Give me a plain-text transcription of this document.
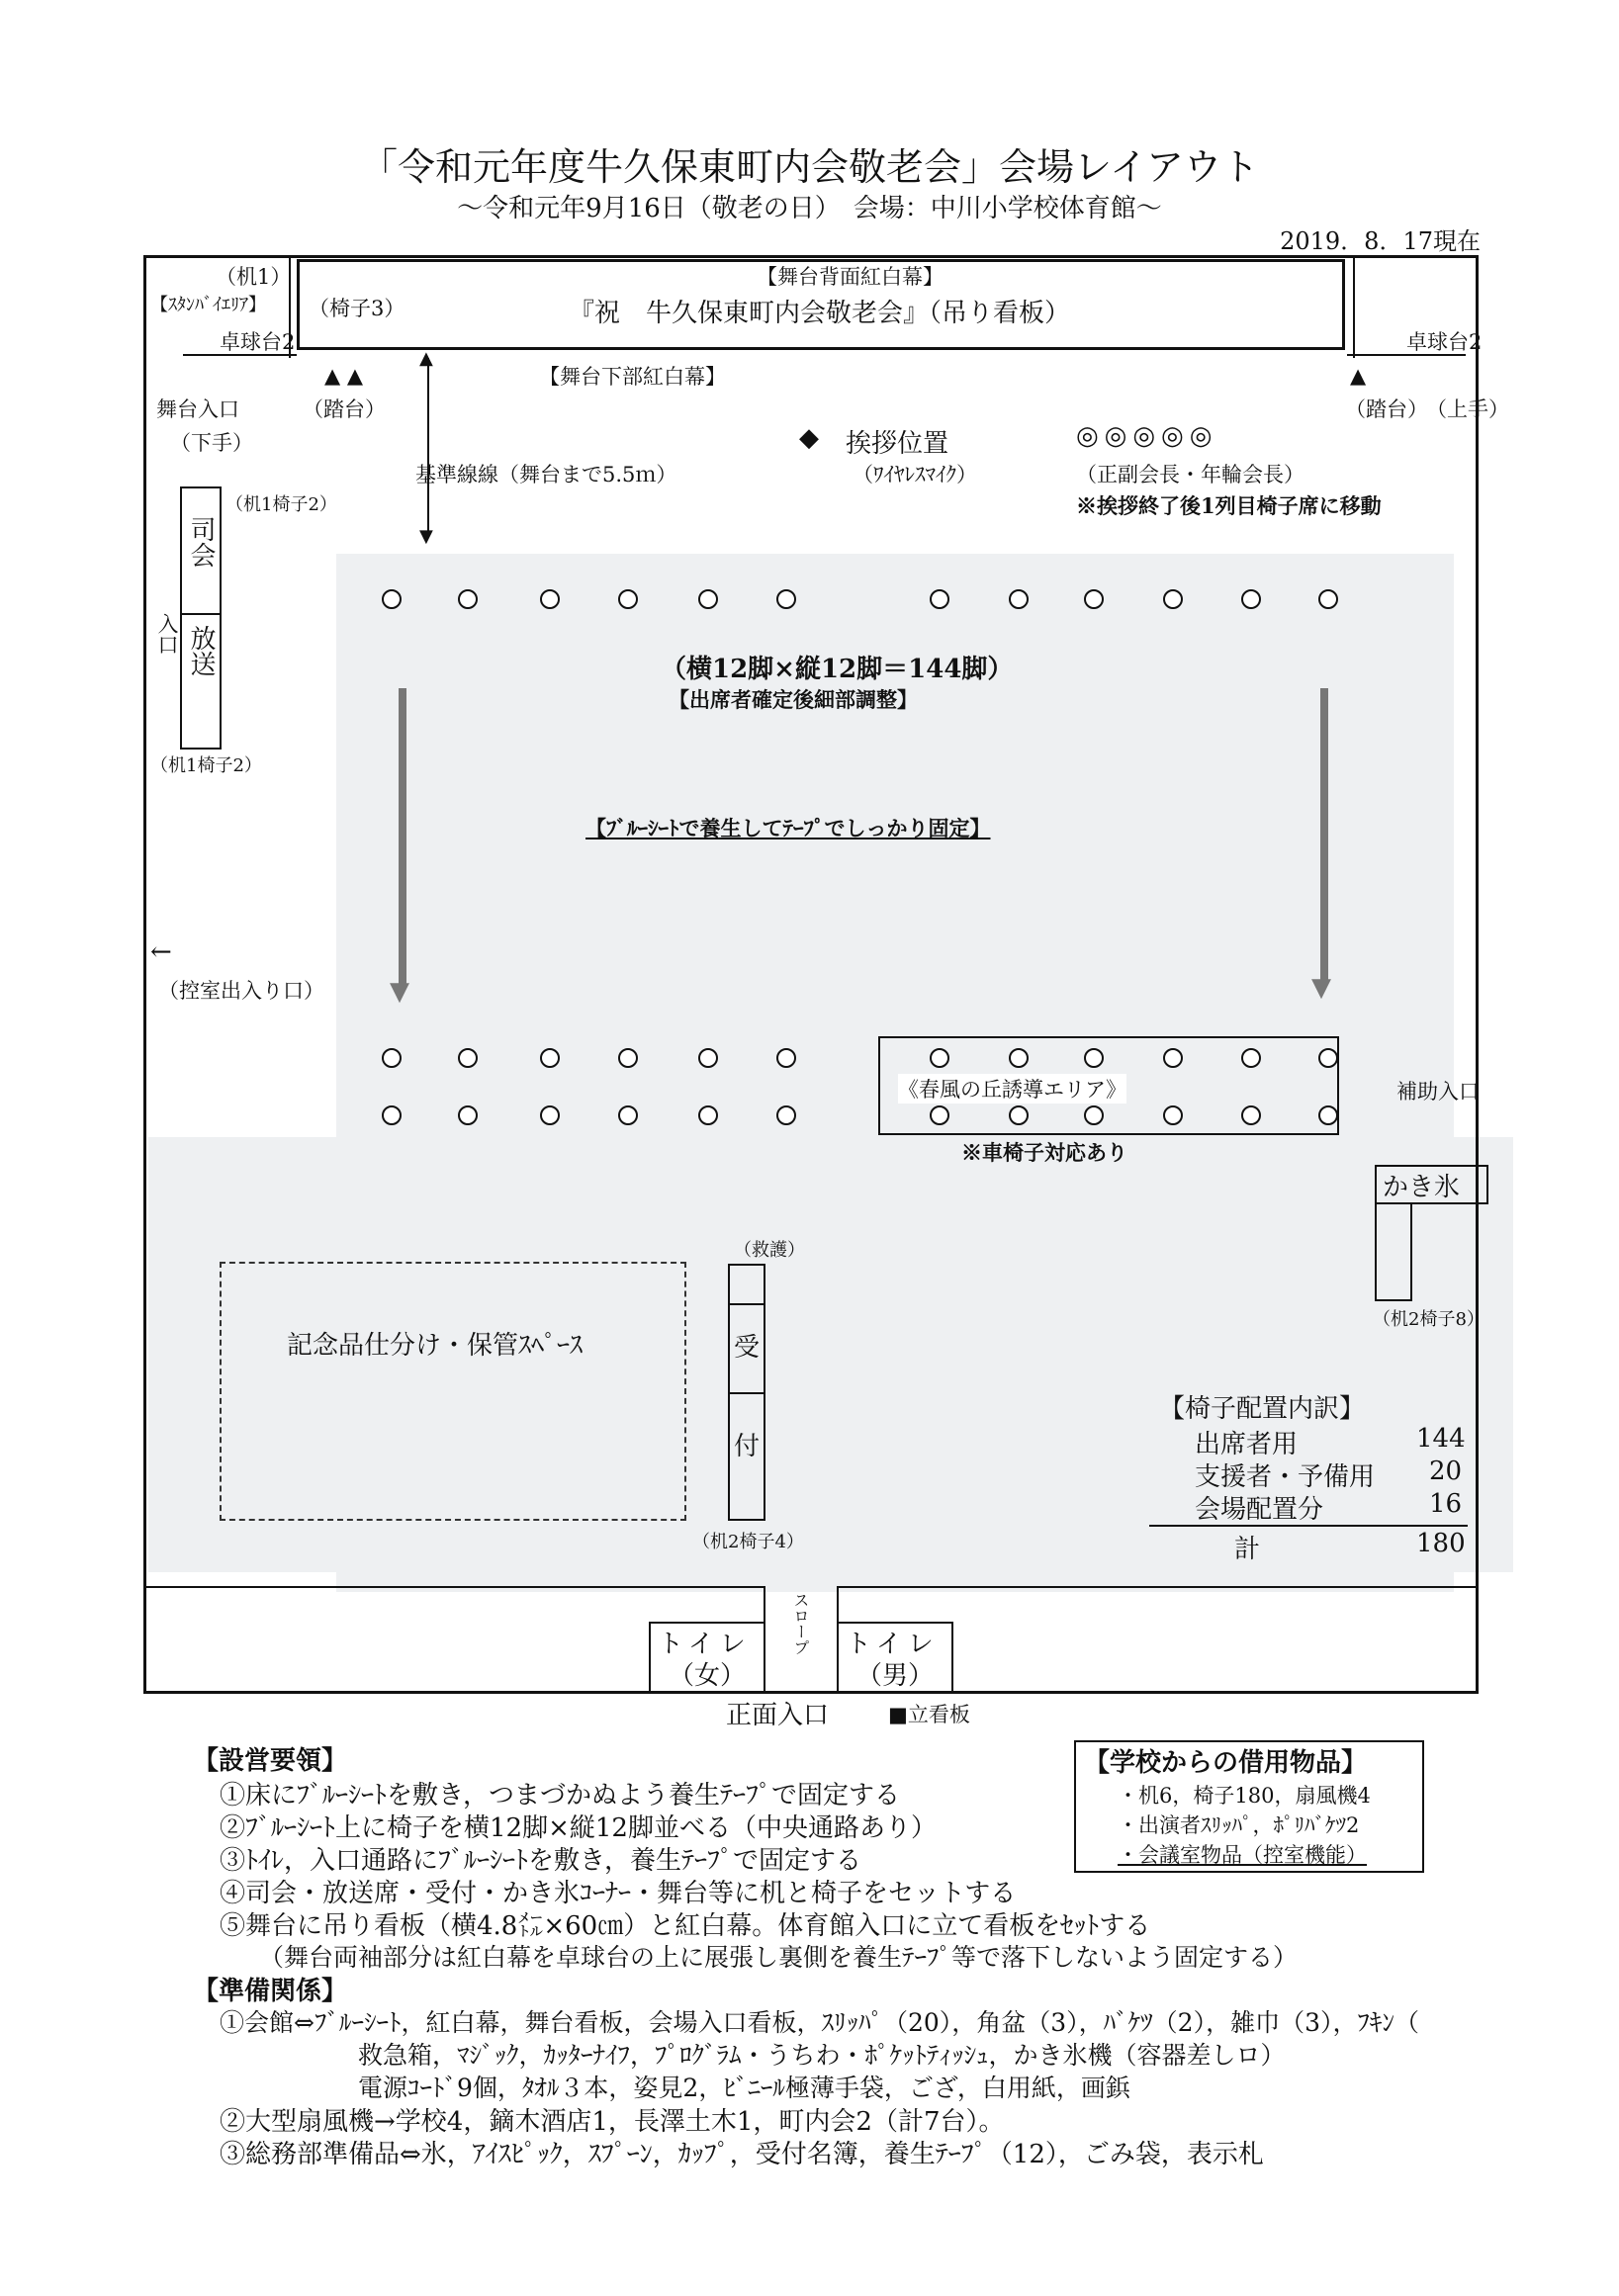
「令和元年度牛久保東町内会敬老会」会場レイアウト
～令和元年9月16日（敬老の日）　会場：中川小学校体育館～
2019．8．17現在
【舞台背面紅白幕】
『祝　牛久保東町内会敬老会』（吊り看板）
（机1）
【ｽﾀﾝﾊﾞｲｴﾘｱ】 （椅子3）
卓球台2	卓球台2
【舞台下部紅白幕】
▲ ▲	▲
（踏台）	（踏台）
舞台入口
（下手）
（上手）
▲
▼
基準線線（舞台まで5.5ｍ）
◆ 挨拶位置
（ﾜｲﾔﾚｽﾏｲｸ）
◎◎◎◎◎
（正副会長・年輪会長）
※挨拶終了後1列目椅子席に移動
（机1椅子2）
司会
放送
入口
（机1椅子2）
←
（控室出入り口）
（横12脚×縦12脚＝144脚）
【出席者確定後細部調整】
【ﾌﾞﾙｰｼｰﾄで養生してﾃｰﾌﾟでしっかり固定】
▼	▼
《春風の丘誘導エリア》
※車椅子対応あり
補助入口
かき氷
（机2椅子8）
記念品仕分け・保管ｽﾍﾟｰｽ
（救護）
受
付
（机2椅子4）
【椅子配置内訳】
出席者用	144
支援者・予備用 20
会場配置分	16
計	180
トイレ
（女）
トイレ
（男）
スロープ
正面入口	■立看板
【学校からの借用物品】
・机6，椅子180，扇風機4
・出演者ｽﾘｯﾊﾟ，ﾎﾟﾘﾊﾞｹﾂ2
・会議室物品（控室機能）
【設営要領】
①床にﾌﾞﾙｰｼｰﾄを敷き，つまづかぬよう養生ﾃｰﾌﾟで固定する
②ﾌﾞﾙｰｼｰﾄ上に椅子を横12脚×縦12脚並べる（中央通路あり）
③ﾄｲﾚ，入口通路にﾌﾞﾙｰｼｰﾄを敷き，養生ﾃｰﾌﾟで固定する
④司会・放送席・受付・かき氷ｺｰﾅｰ・舞台等に机と椅子をセットする
⑤舞台に吊り看板（横4.8㍍×60㎝）と紅白幕。体育館入口に立て看板をｾｯﾄする
（舞台両袖部分は紅白幕を卓球台の上に展張し裏側を養生ﾃｰﾌﾟ等で落下しないよう固定する）
【準備関係】
①会館⇔ﾌﾞﾙｰｼｰﾄ，紅白幕，舞台看板，会場入口看板，ｽﾘｯﾊﾟ（20），角盆（3），ﾊﾞｹﾂ（2），雑巾（3），ﾌｷﾝ（
救急箱，ﾏｼﾞｯｸ，ｶｯﾀｰﾅｲﾌ，ﾌﾟﾛｸﾞﾗﾑ・うちわ・ﾎﾟｹｯﾄﾃｨｯｼｭ，かき氷機（容器差しロ）
電源ｺｰﾄﾞ9個，ﾀｵﾙ３本，姿見2，ﾋﾞﾆｰﾙ極薄手袋，ござ，白用紙，画鋲
②大型扇風機→学校4，鏑木酒店1，長澤土木1，町内会2（計7台）。
③総務部準備品⇔氷，ｱｲｽﾋﾟｯｸ，ｽﾌﾟｰﾝ，ｶｯﾌﾟ，受付名簿，養生ﾃｰﾌﾟ（12），ごみ袋，表示札
